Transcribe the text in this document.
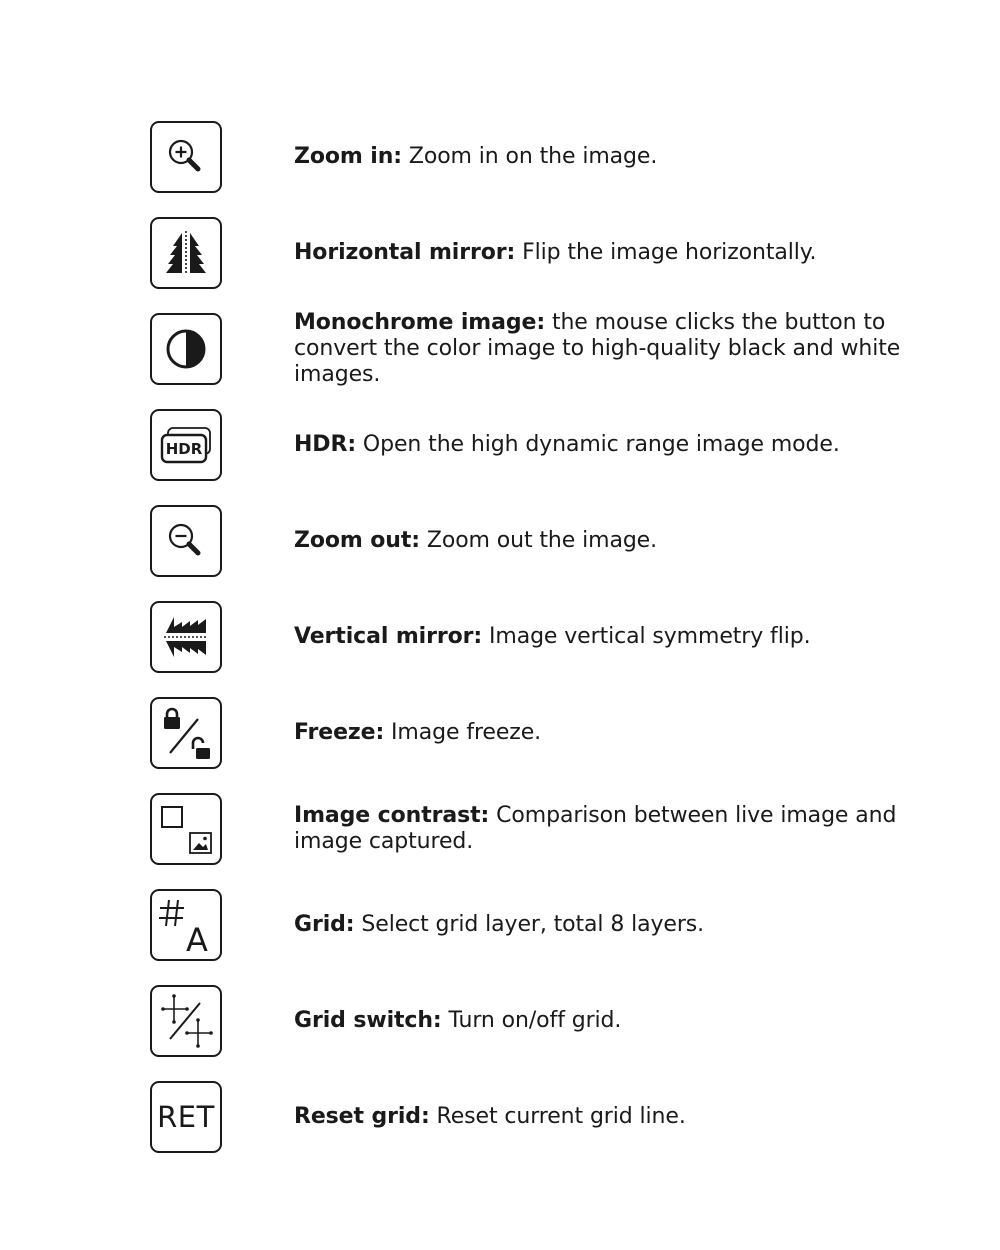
Zoom in: Zoom in on the image.

Horizontal mirror: Flip the image horizontally.

Monochrome image: the mouse clicks the button to convert the color image to high-quality black and white images.

HDR	HDR: Open the high dynamic range image mode.

Zoom out: Zoom out the image.

Vertical mirror: Image vertical symmetry flip.

Freeze: Image freeze.

Image contrast: Comparison between live image and image captured.

A	Grid: Select grid layer, total 8 layers.

Grid switch: Turn on/off grid.

RET	Reset grid: Reset current grid line.
